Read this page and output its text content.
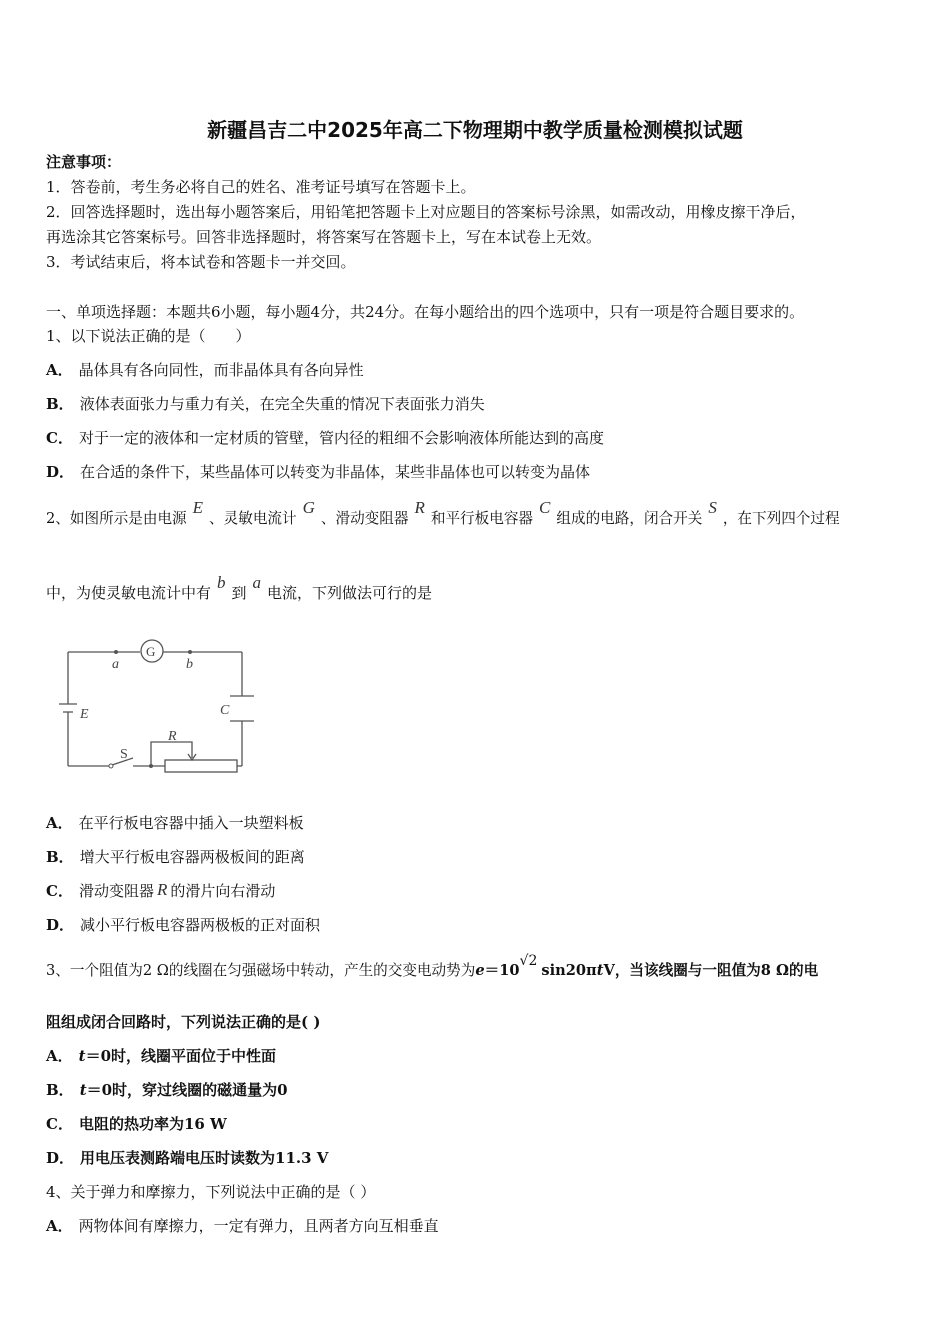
新疆昌吉二中2025年高二下物理期中教学质量检测模拟试题
注意事项：
1．答卷前，考生务必将自己的姓名、准考证号填写在答题卡上。
2．回答选择题时，选出每小题答案后，用铅笔把答题卡上对应题目的答案标号涂黑，如需改动，用橡皮擦干净后，
再选涂其它答案标号。回答非选择题时，将答案写在答题卡上，写在本试卷上无效。
3．考试结束后，将本试卷和答题卡一并交回。
一、单项选择题：本题共6小题，每小题4分，共24分。在每小题给出的四个选项中，只有一项是符合题目要求的。
1、以下说法正确的是（　　）
A． 晶体具有各向同性，而非晶体具有各向异性
B． 液体表面张力与重力有关，在完全失重的情况下表面张力消失
C． 对于一定的液体和一定材质的管壁，管内径的粗细不会影响液体所能达到的高度
D． 在合适的条件下，某些晶体可以转变为非晶体，某些非晶体也可以转变为晶体
2、如图所示是由电源E、灵敏电流计G、滑动变阻器R和平行板电容器C组成的电路，闭合开关S，在下列四个过程
中，为使灵敏电流计中有b到a电流，下列做法可行的是
G
a	b
E	C
S
R
A． 在平行板电容器中插入一块塑料板
B． 增大平行板电容器两极板间的距离
C． 滑动变阻器 R 的滑片向右滑动
D． 减小平行板电容器两极板的正对面积
3、一个阻值为2 Ω的线圈在匀强磁场中转动，产生的交变电动势为e＝10√2sin20πtV，当该线圈与一阻值为8 Ω的电
阻组成闭合回路时，下列说法正确的是( )
A． t＝0时，线圈平面位于中性面
B． t＝0时，穿过线圈的磁通量为0
C． 电阻的热功率为16 W
D． 用电压表测路端电压时读数为11.3 V
4、关于弹力和摩擦力，下列说法中正确的是（ ）
A． 两物体间有摩擦力，一定有弹力，且两者方向互相垂直
